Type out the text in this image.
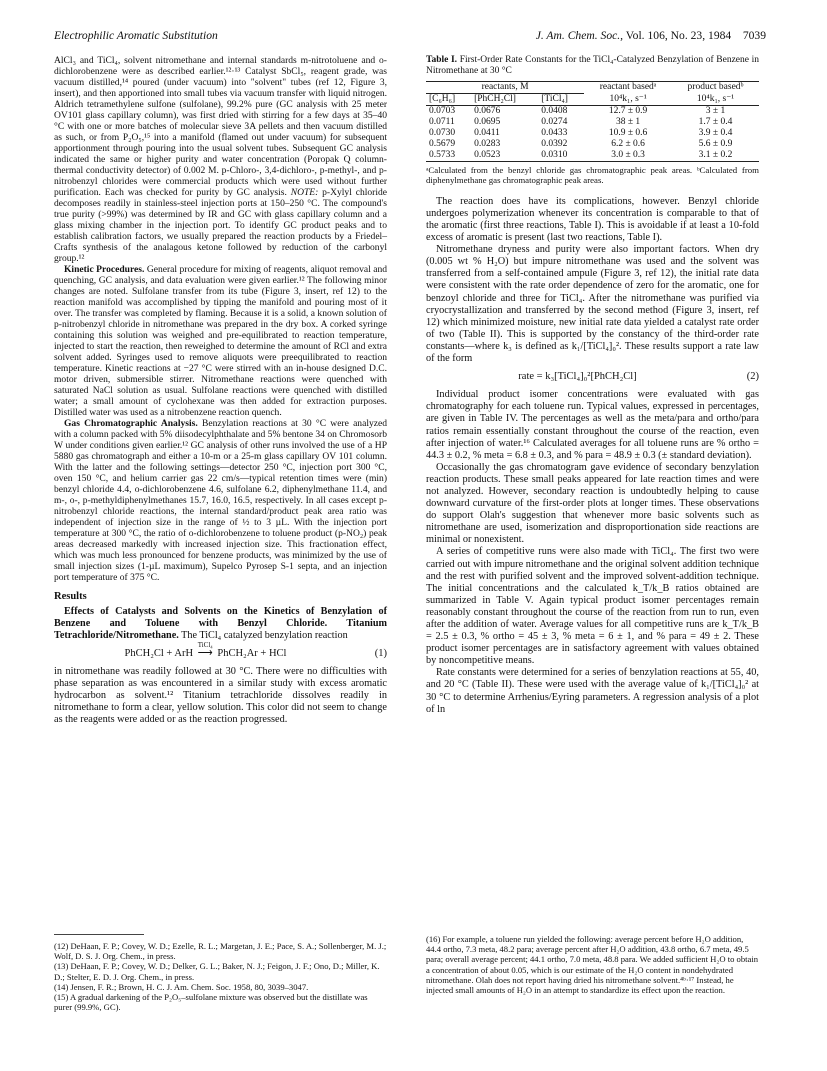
Electrophilic Aromatic Substitution	J. Am. Chem. Soc., Vol. 106, No. 23, 1984 7039

AlCl₃ and TiCl₄, solvent nitromethane and internal standards m-nitrotoluene and o-dichlorobenzene were as described earlier.¹²·¹³ Catalyst SbCl₅, reagent grade, was vacuum distilled,¹⁴ poured (under vacuum) into "solvent" tubes (ref 12, Figure 3, insert), and then apportioned into small tubes via vacuum transfer with liquid nitrogen. Aldrich tetramethylene sulfone (sulfolane), 99.2% pure (GC analysis with 25 meter OV101 glass capillary column), was first dried with stirring for a few days at 35–40 °C with one or more batches of molecular sieve 3A pellets and then vacuum distilled as such, or from P₂O₅,¹⁵ into a manifold (flamed out under vacuum) for subsequent apportionment through pouring into the usual solvent tubes. Subsequent GC analysis indicated the same or higher purity and water concentration (Poropak Q column-thermal conductivity detector) of 0.002 M. p-Chloro-, 3,4-dichloro-, p-methyl-, and p-nitrobenzyl chlorides were commercial products which were used without further purification. Each was checked for purity by GC analysis. NOTE: p-Xylyl chloride decomposes readily in stainless-steel injection ports at 150–250 °C. The compound's true purity (>99%) was determined by IR and GC with glass capillary column and a glass mixing chamber in the injection port. To identify GC product peaks and to establish calibration factors, we usually prepared the reaction products by a Friedel–Crafts synthesis of the analagous ketone followed by reduction of the carbonyl group.¹²

Kinetic Procedures. General procedure for mixing of reagents, aliquot removal and quenching, GC analysis, and data evaluation were given earlier.¹² The following minor changes are noted. Sulfolane transfer from its tube (Figure 3, insert, ref 12) to the reaction manifold was accomplished by tipping the manifold and pouring most of it over. The transfer was completed by flaming. Because it is a solid, a known solution of p-nitrobenzyl chloride in nitromethane was prepared in the dry box. A corked syringe containing this solution was weighed and pre-equilibrated to reaction temperature, injected to start the reaction, then reweighed to determine the amount of RCl and extra solvent added. Syringes used to remove aliquots were preequilibrated to reaction temperature. Kinetic reactions at −27 °C were stirred with an in-house designed D.C. motor driven, submersible stirrer. Nitromethane reactions were quenched with saturated NaCl solution as usual. Sulfolane reactions were quenched with distilled water; a small amount of cyclohexane was then added for extraction purposes. Distilled water was used as a nitrobenzene reaction quench.

Gas Chromatographic Analysis. Benzylation reactions at 30 °C were analyzed with a column packed with 5% diisodecylphthalate and 5% bentone 34 on Chromosorb W under conditions given earlier.¹² GC analysis of other runs involved the use of a HP 5880 gas chromatograph and either a 10-m or a 25-m glass capillary OV 101 column. With the latter and the following settings—detector 250 °C, injection port 300 °C, oven 150 °C, and helium carrier gas 22 cm/s—typical retention times were (min) benzyl chloride 4.4, o-dichlorobenzene 4.6, sulfolane 6.2, diphenylmethane 11.4, and m-, o-, p-methyldiphenylmethanes 15.7, 16.0, 16.5, respectively. In all cases except p-nitrobenzyl chloride reactions, the internal standard/product peak area ratio was independent of injection size in the range of ½ to 3 µL. With the injection port temperature at 300 °C, the ratio of o-dichlorobenzene to toluene product (p-NO₂) peak areas decreased markedly with increased injection size. This fractionation effect, which was much less pronounced for benzene products, was minimized by the use of small injection sizes (1-µL maximum), Supelco Pyrosep S-1 septa, and an injection port temperature of 375 °C.

Results

Effects of Catalysts and Solvents on the Kinetics of Benzylation of Benzene and Toluene with Benzyl Chloride. Titanium Tetrachloride/Nitromethane. The TiCl₄ catalyzed benzylation reaction

PhCH₂Cl + ArH
TiCl₄
⟶ PhCH₂Ar + HCl	(1)

in nitromethane was readily followed at 30 °C. There were no difficulties with phase separation as was encountered in a similar study with excess aromatic hydrocarbon as solvent.¹² Titanium tetrachloride dissolves readily in nitromethane to form a clear, yellow solution. This color did not seem to change as the reagents were added or as the reaction progressed.

Table I. First-Order Rate Constants for the TiCl₄-Catalyzed Benzylation of Benzene in Nitromethane at 30 °C
reactants, M			reactant basedᵃ	product basedᵇ
[C₆H₆]	[PhCH₂Cl]	[TiCl₄]	10⁴k₁, s⁻¹	10⁴k₁, s⁻¹
0.0703	0.0676	0.0408	12.7 ± 0.9	3 ± 1
0.0711	0.0695	0.0274	38 ± 1	1.7 ± 0.4
0.0730	0.0411	0.0433	10.9 ± 0.6	3.9 ± 0.4
0.5679	0.0283	0.0392	6.2 ± 0.6	5.6 ± 0.9
0.5733	0.0523	0.0310	3.0 ± 0.3	3.1 ± 0.2
ᵃCalculated from the benzyl chloride gas chromatographic peak areas. ᵇCalculated from diphenylmethane gas chromatographic peak areas.

The reaction does have its complications, however. Benzyl chloride undergoes polymerization whenever its concentration is comparable to that of the aromatic (first three reactions, Table I). This is avoidable if at least a 10-fold excess of aromatic is present (last two reactions, Table I).

Nitromethane dryness and purity were also important factors. When dry (0.005 wt % H₂O) but impure nitromethane was used and the solvent was transferred from a self-contained ampule (Figure 3, ref 12), the initial rate data were consistent with the rate order dependence of zero for the aromatic, one for benzoyl chloride and three for TiCl₄. After the nitromethane was purified via cryocrystallization and transferred by the second method (Figure 3, insert, ref 12) which minimized moisture, new initial rate data yielded a catalyst rate order of two (Table II). This is supported by the constancy of the third-order rate constants—where k₃ is defined as k₁/[TiCl₄]₀². These results support a rate law of the form

rate = k₃[TiCl₄]₀²[PhCH₂Cl]	(2)

Individual product isomer concentrations were evaluated with gas chromatography for each toluene run. Typical values, expressed in percentages, are given in Table IV. The percentages as well as the meta/para and ortho/para ratios remain essentially constant throughout the course of the reaction, even after injection of water.¹⁶ Calculated averages for all toluene runs are % ortho = 44.3 ± 0.2, % meta = 6.8 ± 0.3, and % para = 48.9 ± 0.3 (± standard deviation).

Occasionally the gas chromatogram gave evidence of secondary benzylation reaction products. These small peaks appeared for late reaction times and were not analyzed. However, secondary reaction is undoubtedly helping to cause downward curvature of the first-order plots at longer times. These observations do support Olah's suggestion that whenever more basic solvents such as nitromethane are used, isomerization and disproportionation side reactions are minimal or nonexistent.

A series of competitive runs were also made with TiCl₄. The first two were carried out with impure nitromethane and the original solvent addition technique and the rest with purified solvent and the improved solvent-addition technique. The initial concentrations and the calculated k_T/k_B ratios obtained are summarized in Table V. Again typical product isomer percentages remain reasonably constant throughout the course of the reaction from run to run, even after the addition of water. Average values for all competitive runs are k_T/k_B = 2.5 ± 0.3, % ortho = 45 ± 3, % meta = 6 ± 1, and % para = 49 ± 2. These product isomer percentages are in satisfactory agreement with values obtained by noncompetitive means.

Rate constants were determined for a series of benzylation reactions at 55, 40, and 20 °C (Table II). These were used with the average value of k₁/[TiCl₄]₀² at 30 °C to determine Arrhenius/Eyring parameters. A regression analysis of a plot of ln

(12) DeHaan, F. P.; Covey, W. D.; Ezelle, R. L.; Margetan, J. E.; Pace, S. A.; Sollenberger, M. J.; Wolf, D. S. J. Org. Chem., in press.

(13) DeHaan, F. P.; Covey, W. D.; Delker, G. L.; Baker, N. J.; Feigon, J. F.; Ono, D.; Miller, K. D.; Stelter, E. D. J. Org. Chem., in press.

(14) Jensen, F. R.; Brown, H. C. J. Am. Chem. Soc. 1958, 80, 3039–3047.

(15) A gradual darkening of the P₂O₅–sulfolane mixture was observed but the distillate was purer (99.9%, GC).

(16) For example, a toluene run yielded the following: average percent before H₂O addition, 44.4 ortho, 7.3 meta, 48.2 para; average percent after H₂O addition, 43.8 ortho, 6.7 meta, 49.5 para; overall average percent; 44.1 ortho, 7.0 meta, 48.8 para. We added sufficient H₂O to obtain a concentration of about 0.05, which is our estimate of the H₂O content in nondehydrated nitromethane. Olah does not report having dried his nitromethane solvent.⁴ᵇ·¹⁷ Instead, he injected small amounts of H₂O in an attempt to standardize its effect upon the reaction.
